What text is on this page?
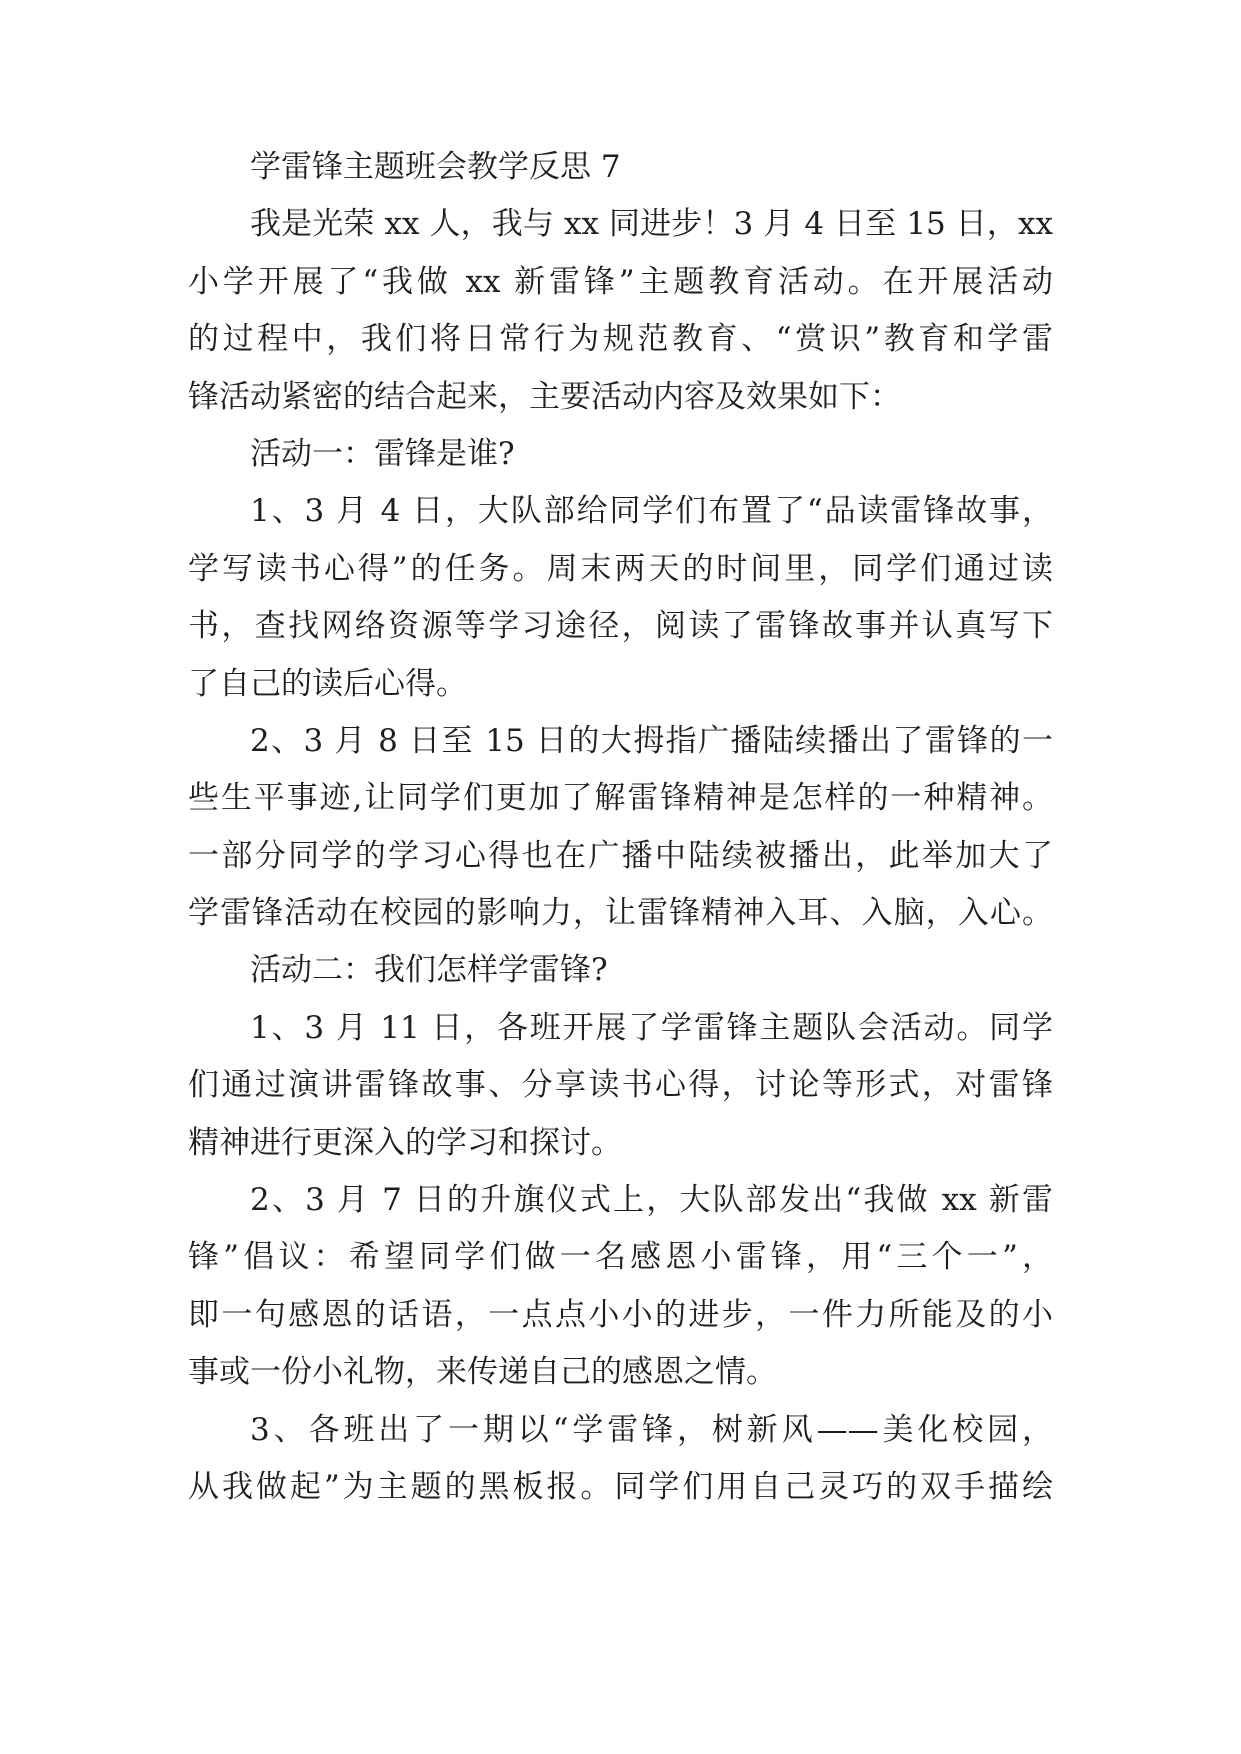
学雷锋主题班会教学反思 7
我是光荣 xx 人，我与 xx 同进步！3 月 4 日至 15 日，xx
小学开展了“我做 xx 新雷锋”主题教育活动。在开展活动
的过程中，我们将日常行为规范教育、“赏识”教育和学雷
锋活动紧密的结合起来，主要活动内容及效果如下：
活动一：雷锋是谁?
1、3 月 4 日，大队部给同学们布置了“品读雷锋故事，
学写读书心得”的任务。周末两天的时间里，同学们通过读
书，查找网络资源等学习途径，阅读了雷锋故事并认真写下
了自己的读后心得。
2、3 月 8 日至 15 日的大拇指广播陆续播出了雷锋的一
些生平事迹,让同学们更加了解雷锋精神是怎样的一种精神。
一部分同学的学习心得也在广播中陆续被播出，此举加大了
学雷锋活动在校园的影响力，让雷锋精神入耳、入脑，入心。
活动二：我们怎样学雷锋?
1、3 月 11 日，各班开展了学雷锋主题队会活动。同学
们通过演讲雷锋故事、分享读书心得，讨论等形式，对雷锋
精神进行更深入的学习和探讨。
2、3 月 7 日的升旗仪式上，大队部发出“我做 xx 新雷
锋”倡议：希望同学们做一名感恩小雷锋，用“三个一”，
即一句感恩的话语，一点点小小的进步，一件力所能及的小
事或一份小礼物，来传递自己的感恩之情。
3、各班出了一期以“学雷锋，树新风——美化校园，
从我做起”为主题的黑板报。同学们用自己灵巧的双手描绘
